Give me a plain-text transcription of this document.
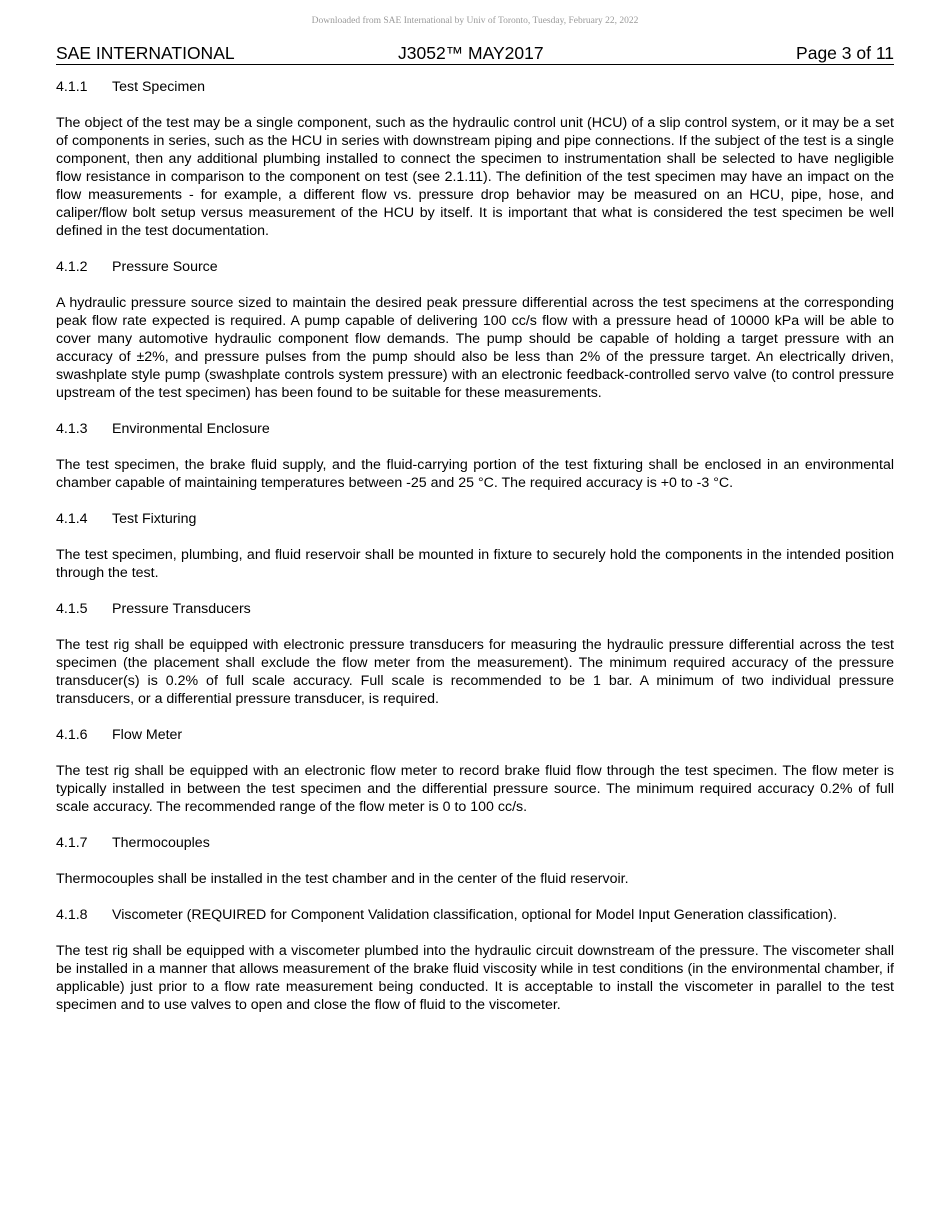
Downloaded from SAE International by Univ of Toronto, Tuesday, February 22, 2022
SAE INTERNATIONAL	J3052™ MAY2017	Page 3 of 11
4.1.1	Test Specimen

The object of the test may be a single component, such as the hydraulic control unit (HCU) of a slip control system, or it may be a set of components in series, such as the HCU in series with downstream piping and pipe connections. If the subject of the test is a single component, then any additional plumbing installed to connect the specimen to instrumentation shall be selected to have negligible flow resistance in comparison to the component on test (see 2.1.11). The definition of the test specimen may have an impact on the flow measurements - for example, a different flow vs. pressure drop behavior may be measured on an HCU, pipe, hose, and caliper/flow bolt setup versus measurement of the HCU by itself. It is important that what is considered the test specimen be well defined in the test documentation.

4.1.2	Pressure Source

A hydraulic pressure source sized to maintain the desired peak pressure differential across the test specimens at the corresponding peak flow rate expected is required. A pump capable of delivering 100 cc/s flow with a pressure head of 10000 kPa will be able to cover many automotive hydraulic component flow demands. The pump should be capable of holding a target pressure with an accuracy of ±2%, and pressure pulses from the pump should also be less than 2% of the pressure target. An electrically driven, swashplate style pump (swashplate controls system pressure) with an electronic feedback-controlled servo valve (to control pressure upstream of the test specimen) has been found to be suitable for these measurements.

4.1.3	Environmental Enclosure

The test specimen, the brake fluid supply, and the fluid-carrying portion of the test fixturing shall be enclosed in an environmental chamber capable of maintaining temperatures between -25 and 25 °C. The required accuracy is +0 to -3 °C.

4.1.4	Test Fixturing

The test specimen, plumbing, and fluid reservoir shall be mounted in fixture to securely hold the components in the intended position through the test.

4.1.5	Pressure Transducers

The test rig shall be equipped with electronic pressure transducers for measuring the hydraulic pressure differential across the test specimen (the placement shall exclude the flow meter from the measurement). The minimum required accuracy of the pressure transducer(s) is 0.2% of full scale accuracy. Full scale is recommended to be 1 bar. A minimum of two individual pressure transducers, or a differential pressure transducer, is required.

4.1.6	Flow Meter

The test rig shall be equipped with an electronic flow meter to record brake fluid flow through the test specimen. The flow meter is typically installed in between the test specimen and the differential pressure source. The minimum required accuracy 0.2% of full scale accuracy. The recommended range of the flow meter is 0 to 100 cc/s.

4.1.7	Thermocouples

Thermocouples shall be installed in the test chamber and in the center of the fluid reservoir.

4.1.8	Viscometer (REQUIRED for Component Validation classification, optional for Model Input Generation classification).

The test rig shall be equipped with a viscometer plumbed into the hydraulic circuit downstream of the pressure. The viscometer shall be installed in a manner that allows measurement of the brake fluid viscosity while in test conditions (in the environmental chamber, if applicable) just prior to a flow rate measurement being conducted. It is acceptable to install the viscometer in parallel to the test specimen and to use valves to open and close the flow of fluid to the viscometer.
